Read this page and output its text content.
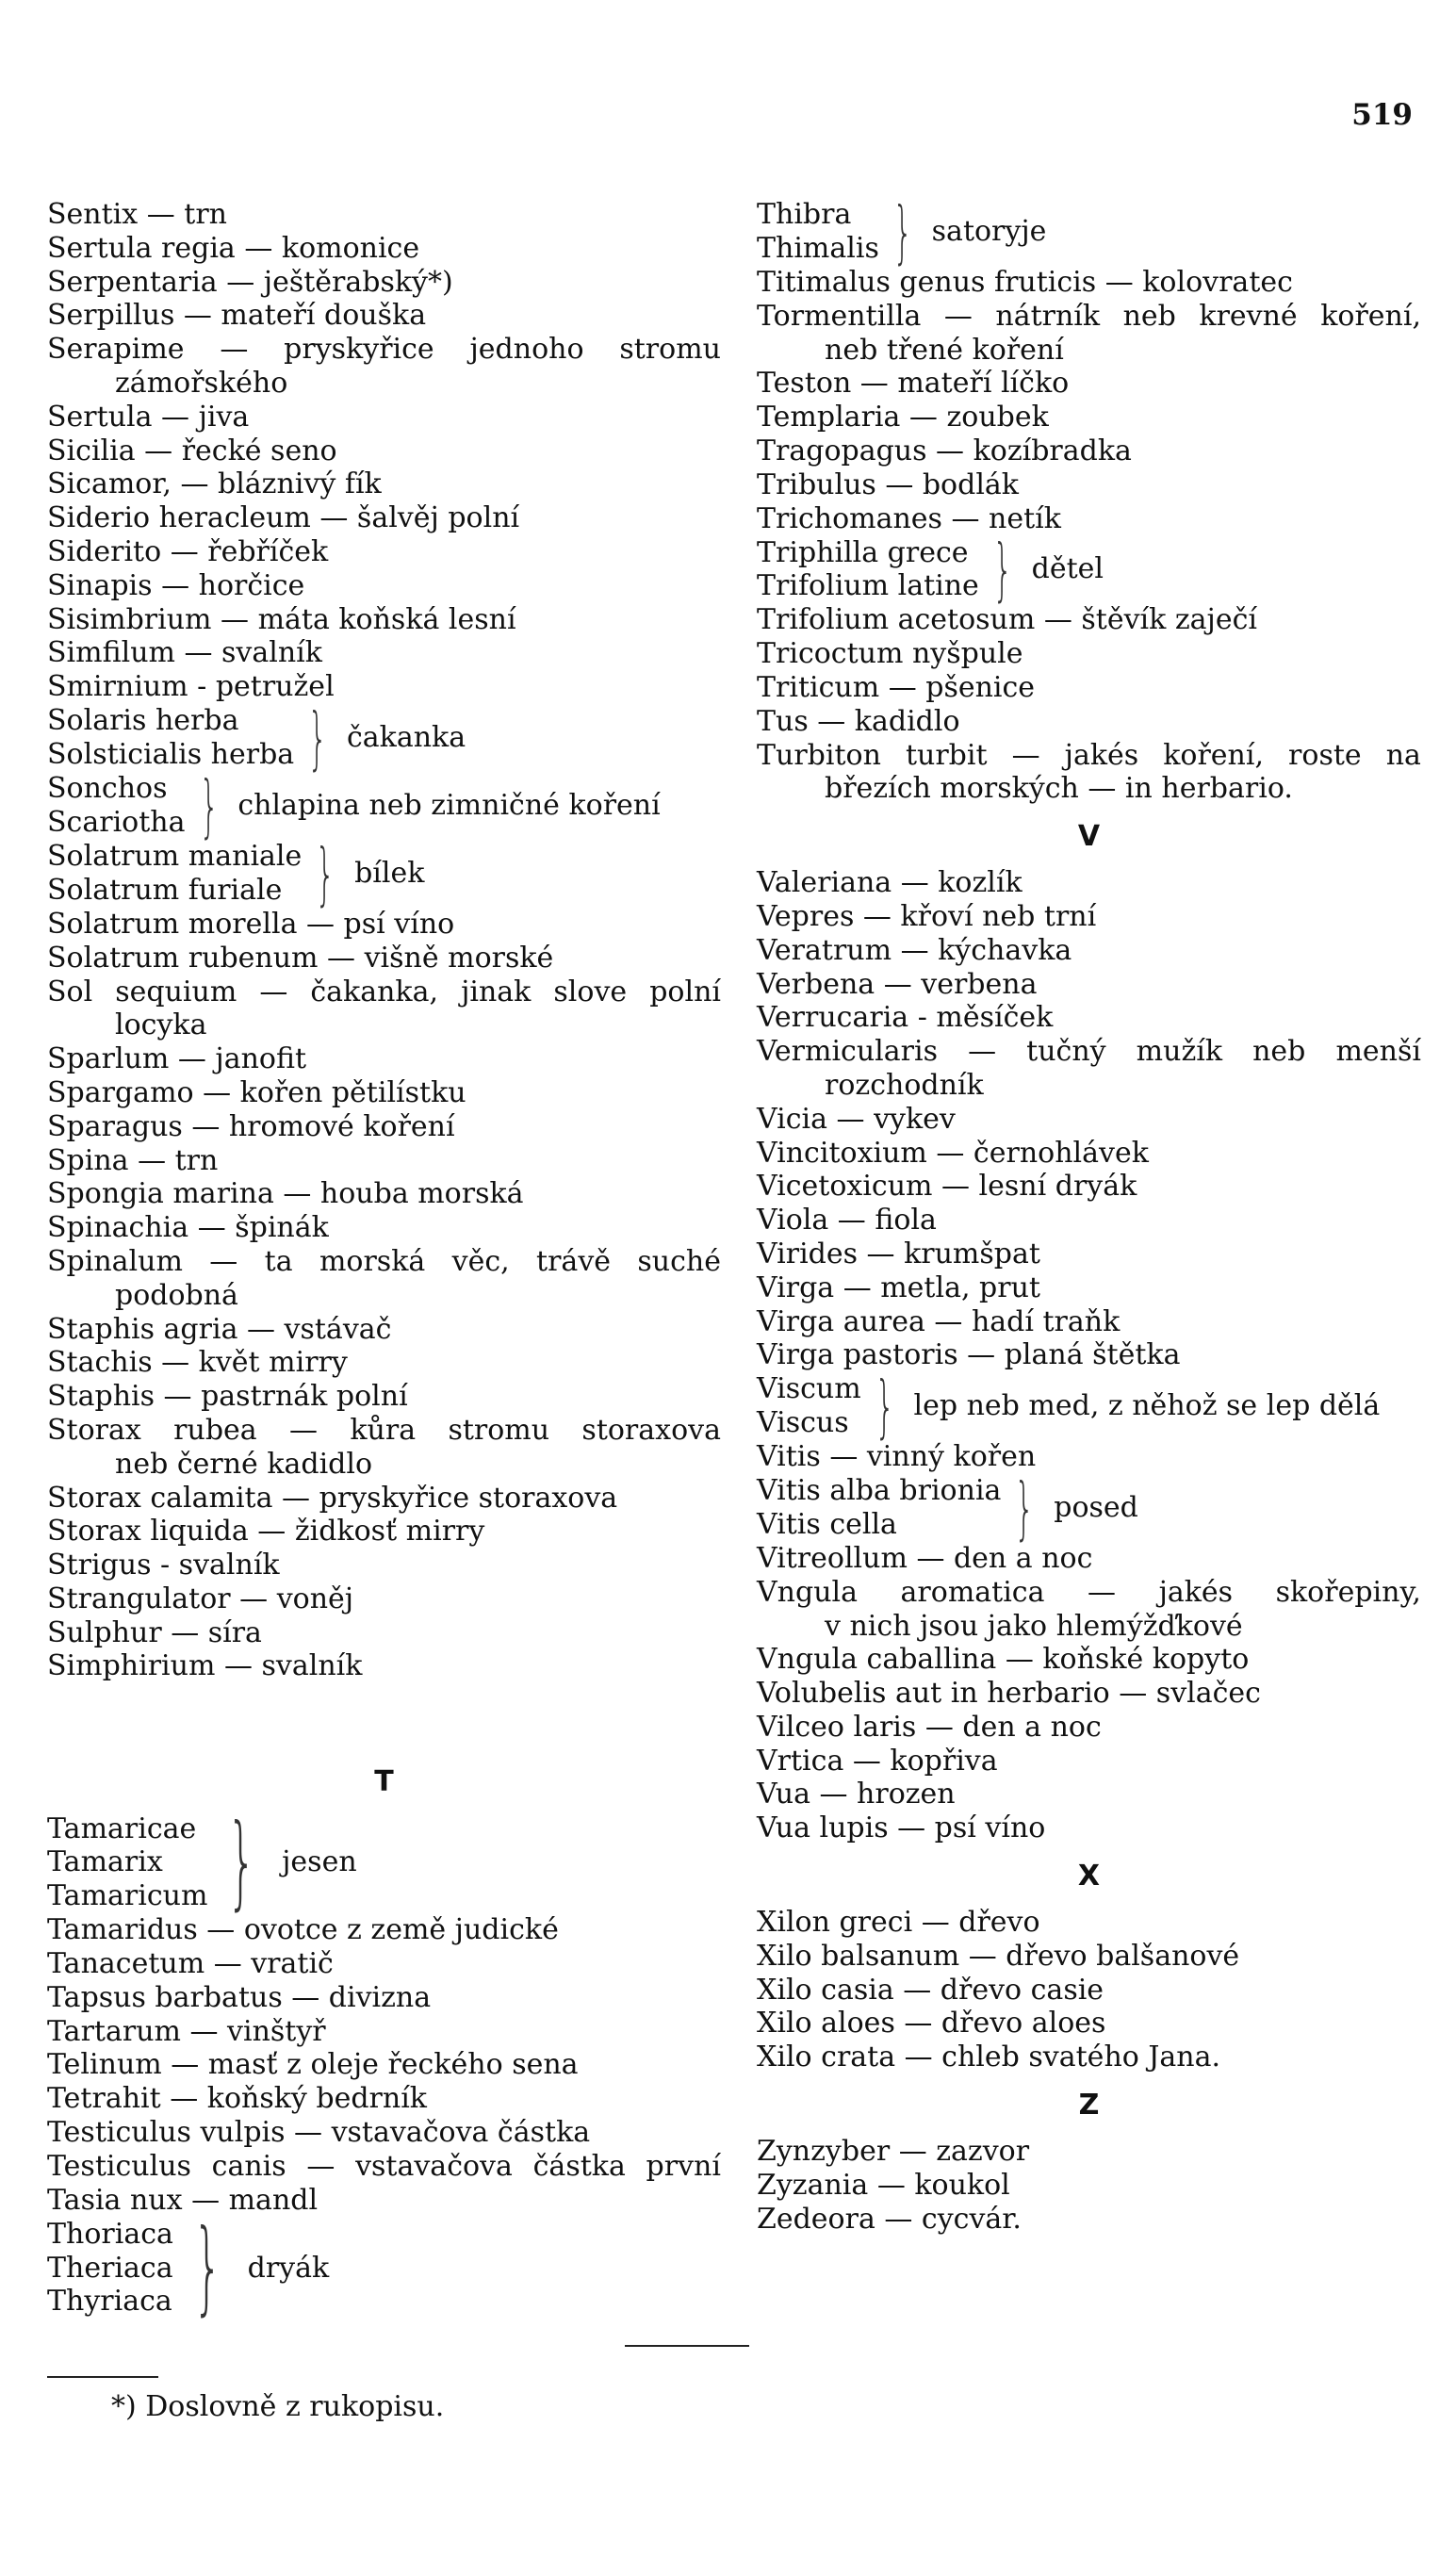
519
Sentix — trn
Sertula regia — komonice
Serpentaria — ještěrabský*)
Serpillus — mateří douška
Serapime — pryskyřice jednoho stromu
zámořského
Sertula — jiva
Sicilia — řecké seno
Sicamor, — bláznivý fík
Siderio heracleum — šalvěj polní
Siderito — řebříček
Sinapis — horčice
Sisimbrium — máta koňská lesní
Simfilum — svalník
Smirnium - petružel
Solaris herba
Solsticialis herba } čakanka
Sonchos
Scariotha } chlapina neb zimničné koření
Solatrum maniale
Solatrum furiale } bílek
Solatrum morella — psí víno
Solatrum rubenum — višně morské
Sol sequium — čakanka, jinak slove polní
locyka
Sparlum — janofit
Spargamo — kořen pětilístku
Sparagus — hromové koření
Spina — trn
Spongia marina — houba morská
Spinachia — špinák
Spinalum — ta morská věc, trávě suché
podobná
Staphis agria — vstávač
Stachis — květ mirry
Staphis — pastrnák polní
Storax rubea — kůra stromu storaxova
neb černé kadidlo
Storax calamita — pryskyřice storaxova
Storax liquida — židkosť mirry
Strigus - svalník
Strangulator — voněj
Sulphur — síra
Simphirium — svalník
T
Tamaricae
Tamarix
Tamaricum } jesen
Tamaridus — ovotce z země judické
Tanacetum — vratič
Tapsus barbatus — divizna
Tartarum — vinštyř
Telinum — masť z oleje řeckého sena
Tetrahit — koňský bedrník
Testiculus vulpis — vstavačova částka
Testiculus canis — vstavačova částka první
Tasia nux — mandl
Thoriaca
Theriaca
Thyriaca } dryák
Thibra
Thimalis } satoryje
Titimalus genus fruticis — kolovratec
Tormentilla — nátrník neb krevné koření,
neb třené koření
Teston — mateří líčko
Templaria — zoubek
Tragopagus — kozíbradka
Tribulus — bodlák
Trichomanes — netík
Triphilla grece
Trifolium latine } dětel
Trifolium acetosum — štěvík zaječí
Tricoctum nyšpule
Triticum — pšenice
Tus — kadidlo
Turbiton turbit — jakés koření, roste na
březích morských — in herbario.
V
Valeriana — kozlík
Vepres — křoví neb trní
Veratrum — kýchavka
Verbena — verbena
Verrucaria - měsíček
Vermicularis — tučný mužík neb menší
rozchodník
Vicia — vykev
Vincitoxium — černohlávek
Vicetoxicum — lesní dryák
Viola — fiola
Virides — krumšpat
Virga — metla, prut
Virga aurea — hadí traňk
Virga pastoris — planá štětka
Viscum
Viscus } lep neb med, z něhož se lep dělá
Vitis — vinný kořen
Vitis alba brionia
Vitis cella	} posed
Vitreollum — den a noc
Vngula aromatica — jakés skořepiny,
v nich jsou jako hlemýžďkové
Vngula caballina — koňské kopyto
Volubelis aut in herbario — svlačec
Vilceo laris — den a noc
Vrtica — kopřiva
Vua — hrozen
Vua lupis — psí víno
X
Xilon greci — dřevo
Xilo balsanum — dřevo balšanové
Xilo casia — dřevo casie
Xilo aloes — dřevo aloes
Xilo crata — chleb svatého Jana.
Z
Zynzyber — zazvor
Zyzania — koukol
Zedeora — cycvár.
*) Doslovně z rukopisu.
